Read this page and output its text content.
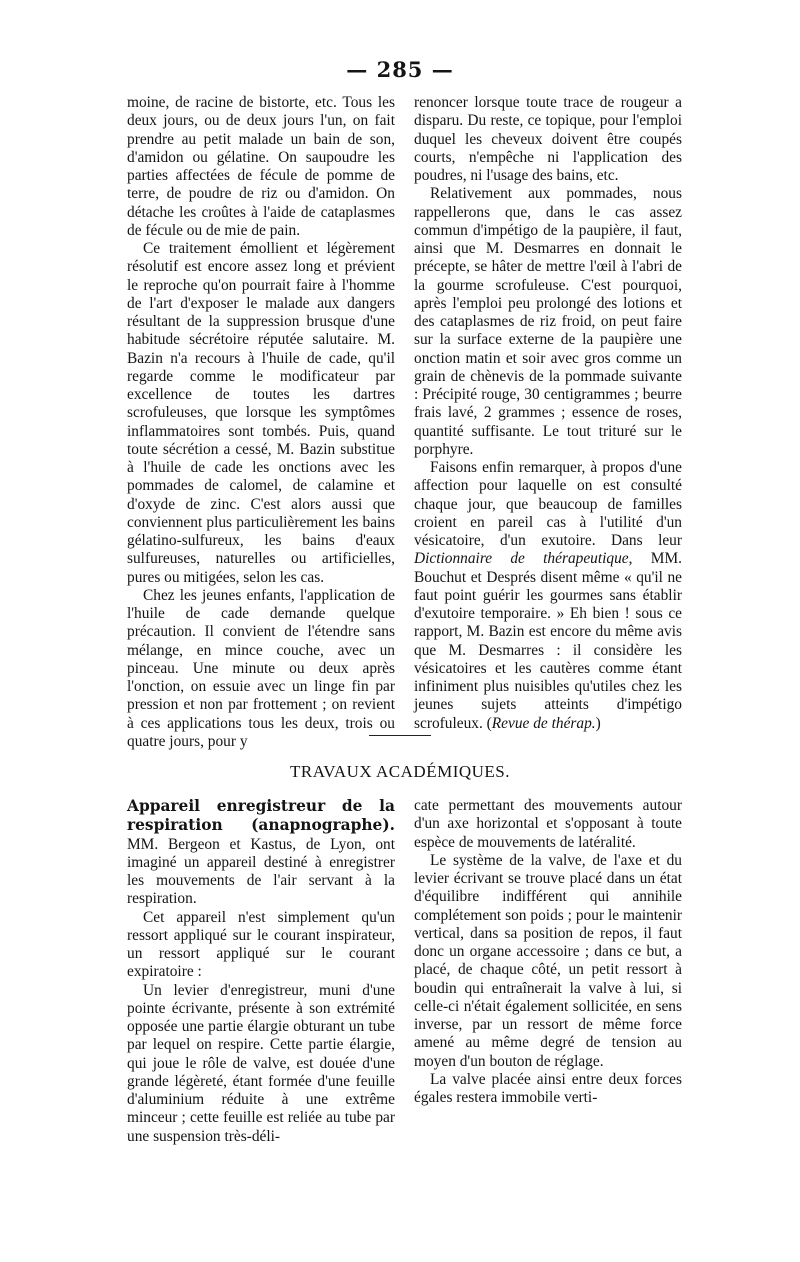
— 285 —

moine, de racine de bistorte, etc. Tous les deux jours, ou de deux jours l'un, on fait prendre au petit malade un bain de son, d'amidon ou gélatine. On saupoudre les parties affectées de fécule de pomme de terre, de poudre de riz ou d'amidon. On détache les croûtes à l'aide de cataplasmes de fécule ou de mie de pain.

Ce traitement émollient et légèrement résolutif est encore assez long et prévient le reproche qu'on pourrait faire à l'homme de l'art d'exposer le malade aux dangers résultant de la suppression brusque d'une habitude sécrétoire réputée salutaire. M. Bazin n'a recours à l'huile de cade, qu'il regarde comme le modificateur par excellence de toutes les dartres scrofuleuses, que lorsque les symptômes inflammatoires sont tombés. Puis, quand toute sécrétion a cessé, M. Bazin substitue à l'huile de cade les onctions avec les pommades de calomel, de calamine et d'oxyde de zinc. C'est alors aussi que conviennent plus particulièrement les bains gélatino-sulfureux, les bains d'eaux sulfureuses, naturelles ou artificielles, pures ou mitigées, selon les cas.

Chez les jeunes enfants, l'application de l'huile de cade demande quelque précaution. Il convient de l'étendre sans mélange, en mince couche, avec un pinceau. Une minute ou deux après l'onction, on essuie avec un linge fin par pression et non par frottement ; on revient à ces applications tous les deux, trois ou quatre jours, pour y

renoncer lorsque toute trace de rougeur a disparu. Du reste, ce topique, pour l'emploi duquel les cheveux doivent être coupés courts, n'empêche ni l'application des poudres, ni l'usage des bains, etc.

Relativement aux pommades, nous rappellerons que, dans le cas assez commun d'impétigo de la paupière, il faut, ainsi que M. Desmarres en donnait le précepte, se hâter de mettre l'œil à l'abri de la gourme scrofuleuse. C'est pourquoi, après l'emploi peu prolongé des lotions et des cataplasmes de riz froid, on peut faire sur la surface externe de la paupière une onction matin et soir avec gros comme un grain de chènevis de la pommade suivante : Précipité rouge, 30 centigrammes ; beurre frais lavé, 2 grammes ; essence de roses, quantité suffisante. Le tout trituré sur le porphyre.

Faisons enfin remarquer, à propos d'une affection pour laquelle on est consulté chaque jour, que beaucoup de familles croient en pareil cas à l'utilité d'un vésicatoire, d'un exutoire. Dans leur Dictionnaire de thérapeutique, MM. Bouchut et Després disent même « qu'il ne faut point guérir les gourmes sans établir d'exutoire temporaire. » Eh bien ! sous ce rapport, M. Bazin est encore du même avis que M. Desmarres : il considère les vésicatoires et les cautères comme étant infiniment plus nuisibles qu'utiles chez les jeunes sujets atteints d'impétigo scrofuleux. (Revue de thérap.)

TRAVAUX ACADÉMIQUES.

Appareil enregistreur de la respiration (anapnographe). MM. Bergeon et Kastus, de Lyon, ont imaginé un appareil destiné à enregistrer les mouvements de l'air servant à la respiration.

Cet appareil n'est simplement qu'un ressort appliqué sur le courant inspirateur, un ressort appliqué sur le courant expiratoire :

Un levier d'enregistreur, muni d'une pointe écrivante, présente à son extrémité opposée une partie élargie obturant un tube par lequel on respire. Cette partie élargie, qui joue le rôle de valve, est douée d'une grande légèreté, étant formée d'une feuille d'aluminium réduite à une extrême minceur ; cette feuille est reliée au tube par une suspension très-déli-

cate permettant des mouvements autour d'un axe horizontal et s'opposant à toute espèce de mouvements de latéralité.

Le système de la valve, de l'axe et du levier écrivant se trouve placé dans un état d'équilibre indifférent qui annihile complétement son poids ; pour le maintenir vertical, dans sa position de repos, il faut donc un organe accessoire ; dans ce but, a placé, de chaque côté, un petit ressort à boudin qui entraînerait la valve à lui, si celle-ci n'était également sollicitée, en sens inverse, par un ressort de même force amené au même degré de tension au moyen d'un bouton de réglage.

La valve placée ainsi entre deux forces égales restera immobile verti-
